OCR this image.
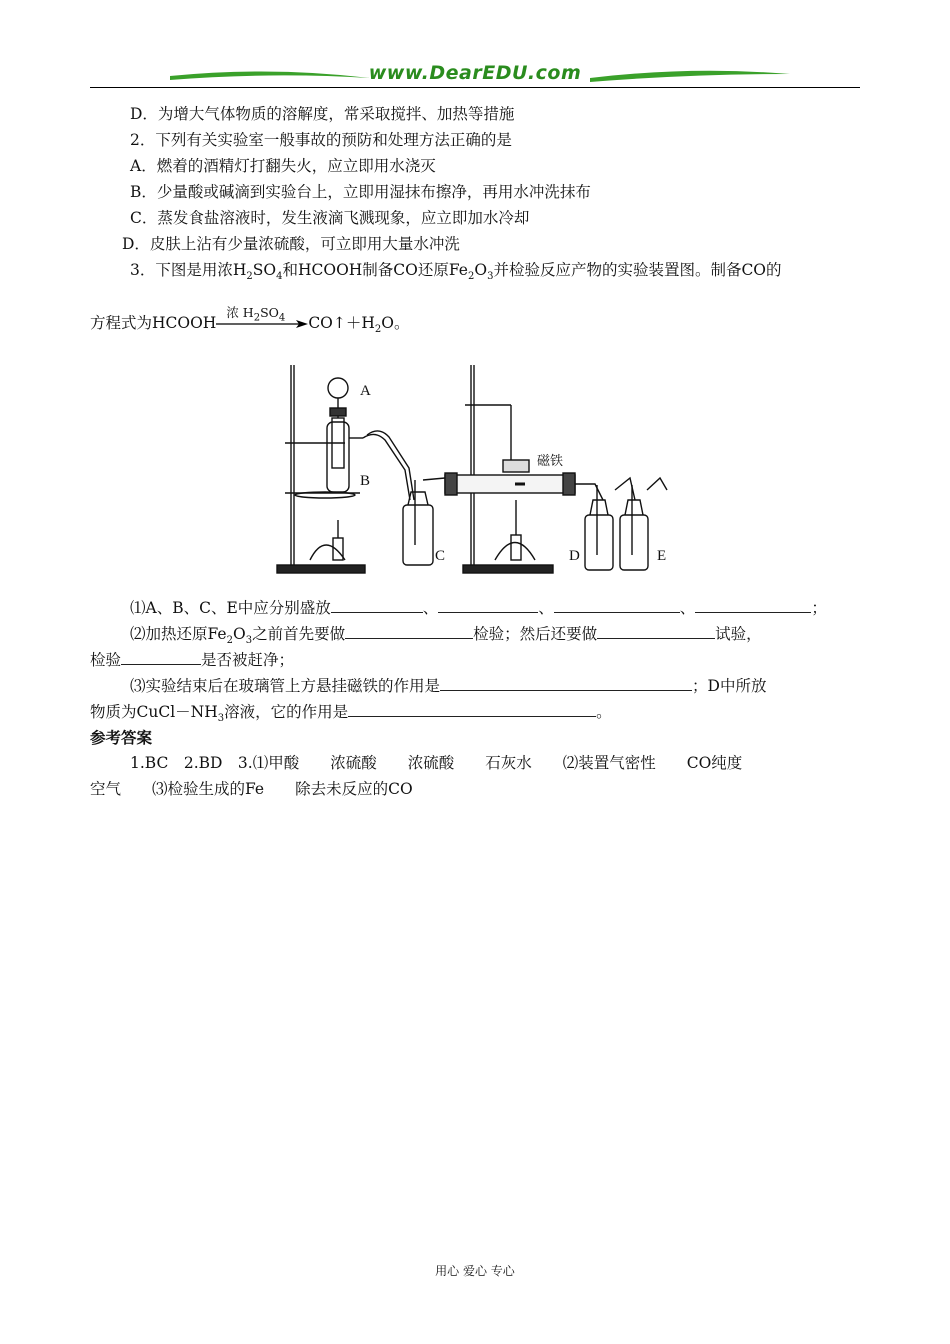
www.DearEDU.com
D．为增大气体物质的溶解度，常采取搅拌、加热等措施
2．下列有关实验室一般事故的预防和处理方法正确的是
A．燃着的酒精灯打翻失火，应立即用水浇灭
B．少量酸或碱滴到实验台上，立即用湿抹布擦净，再用水冲洗抹布
C．蒸发食盐溶液时，发生液滴飞溅现象，应立即加水冷却
D．皮肤上沾有少量浓硫酸，可立即用大量水冲洗
3．下图是用浓$H_2SO_4$和HCOOH制备CO还原$Fe_2O_3$并检验反应产物的实验装置图。制备CO的
方程式为HCOOH
浓 $H_2SO_4$ $CO↑+H_2O$。
A
B
C	D	E
磁铁
⑴A、B、C、E中应分别盛放	、	、	、	；
⑵加热还原$Fe_2O_3$之前首先要做	检验；然后还要做	试验，
检验	是否被赶净；
⑶实验结束后在玻璃管上方悬挂磁铁的作用是	；D中所放
物质为$CuCl-NH_3$溶液，它的作用是	。
参考答案
1.BC　2.BD　3.⑴甲酸　　浓硫酸　　浓硫酸　　石灰水　　⑵装置气密性　　CO纯度
空气　　⑶检验生成的Fe　　除去未反应的CO
用心 爱心 专心
